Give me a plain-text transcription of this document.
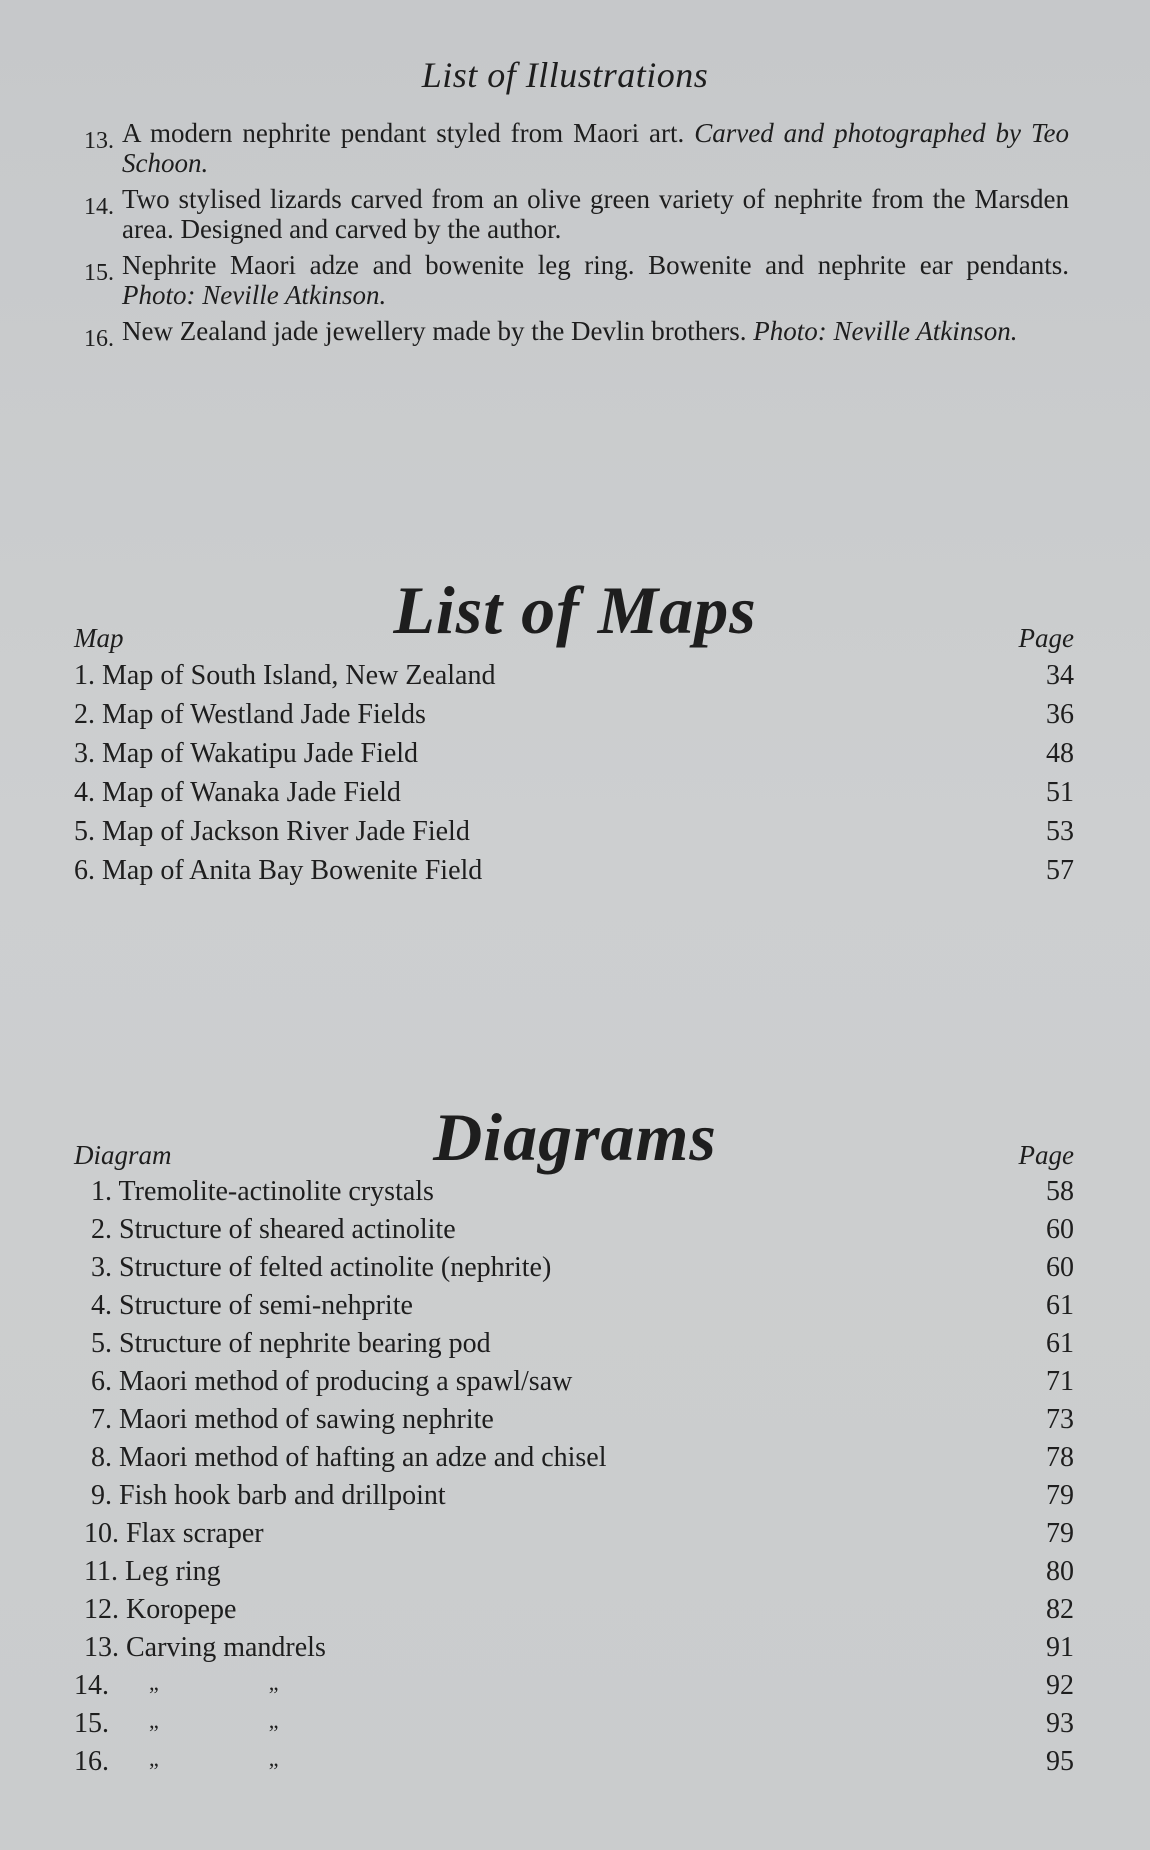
List of Illustrations
13. A modern nephrite pendant styled from Maori art. Carved and photographed by Teo Schoon.
14. Two stylised lizards carved from an olive green variety of nephrite from the Marsden area. Designed and carved by the author.
15. Nephrite Maori adze and bowenite leg ring. Bowenite and nephrite ear pendants. Photo: Neville Atkinson.
16. New Zealand jade jewellery made by the Devlin brothers. Photo: Neville Atkinson.
List of Maps
Map	Page
1. Map of South Island, New Zealand	34
2. Map of Westland Jade Fields	36
3. Map of Wakatipu Jade Field	48
4. Map of Wanaka Jade Field	51
5. Map of Jackson River Jade Field	53
6. Map of Anita Bay Bowenite Field	57
Diagrams
Diagram	Page
1. Tremolite-actinolite crystals	58
2. Structure of sheared actinolite	60
3. Structure of felted actinolite (nephrite)	60
4. Structure of semi-nehprite	61
5. Structure of nephrite bearing pod	61
6. Maori method of producing a spawl/saw	71
7. Maori method of sawing nephrite	73
8. Maori method of hafting an adze and chisel	78
9. Fish hook barb and drillpoint	79
10. Flax scraper	79
11. Leg ring	80
12. Koropepe	82
13. Carving mandrels	91
14. ”	”	92
15. ”	”	93
16. ”	”	95
